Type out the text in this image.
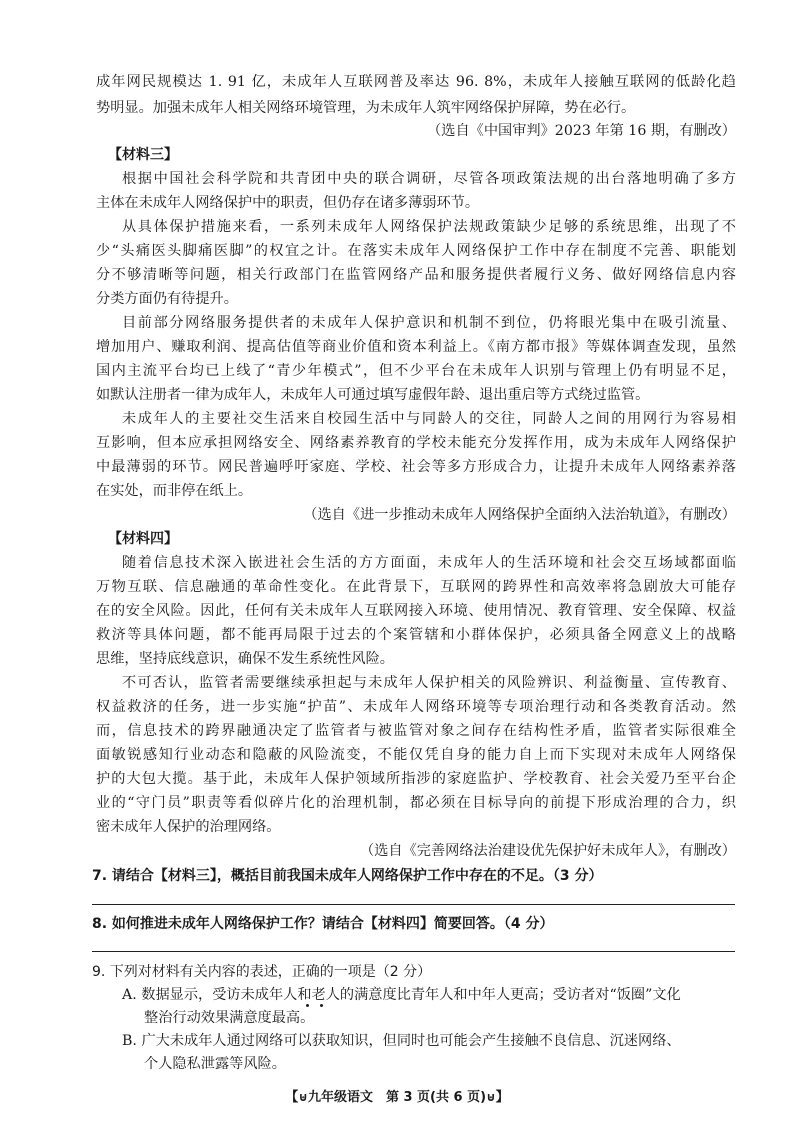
成年网民规模达 1. 91 亿，未成年人互联网普及率达 96. 8%，未成年人接触互联网的低龄化趋
势明显。加强未成年人相关网络环境管理，为未成年人筑牢网络保护屏障，势在必行。
（选自《中国审判》2023 年第 16 期，有删改）
【材料三】
根据中国社会科学院和共青团中央的联合调研，尽管各项政策法规的出台落地明确了多方
主体在未成年人网络保护中的职责，但仍存在诸多薄弱环节。
从具体保护措施来看，一系列未成年人网络保护法规政策缺少足够的系统思维，出现了不
少“头痛医头脚痛医脚”的权宜之计。在落实未成年人网络保护工作中存在制度不完善、职能划
分不够清晰等问题，相关行政部门在监管网络产品和服务提供者履行义务、做好网络信息内容
分类方面仍有待提升。
目前部分网络服务提供者的未成年人保护意识和机制不到位，仍将眼光集中在吸引流量、
增加用户、赚取利润、提高估值等商业价值和资本利益上。《南方都市报》等媒体调查发现，虽然
国内主流平台均已上线了“青少年模式”，但不少平台在未成年人识别与管理上仍有明显不足，
如默认注册者一律为成年人，未成年人可通过填写虚假年龄、退出重启等方式绕过监管。
未成年人的主要社交生活来自校园生活中与同龄人的交往，同龄人之间的用网行为容易相
互影响，但本应承担网络安全、网络素养教育的学校未能充分发挥作用，成为未成年人网络保护
中最薄弱的环节。网民普遍呼吁家庭、学校、社会等多方形成合力，让提升未成年人网络素养落
在实处，而非停在纸上。
（选自《进一步推动未成年人网络保护全面纳入法治轨道》，有删改）
【材料四】
随着信息技术深入嵌进社会生活的方方面面，未成年人的生活环境和社会交互场域都面临
万物互联、信息融通的革命性变化。在此背景下，互联网的跨界性和高效率将急剧放大可能存
在的安全风险。因此，任何有关未成年人互联网接入环境、使用情况、教育管理、安全保障、权益
救济等具体问题，都不能再局限于过去的个案管辖和小群体保护，必须具备全网意义上的战略
思维，坚持底线意识，确保不发生系统性风险。
不可否认，监管者需要继续承担起与未成年人保护相关的风险辨识、利益衡量、宣传教育、
权益救济的任务，进一步实施“护苗”、未成年人网络环境等专项治理行动和各类教育活动。然
而，信息技术的跨界融通决定了监管者与被监管对象之间存在结构性矛盾，监管者实际很难全
面敏锐感知行业动态和隐蔽的风险流变，不能仅凭自身的能力自上而下实现对未成年人网络保
护的大包大揽。基于此，未成年人保护领域所指涉的家庭监护、学校教育、社会关爱乃至平台企
业的“守门员”职责等看似碎片化的治理机制，都必须在目标导向的前提下形成治理的合力，织
密未成年人保护的治理网络。
（选自《完善网络法治建设优先保护好未成年人》，有删改）
7. 请结合【材料三】，概括目前我国未成年人网络保护工作中存在的不足。（3 分）
8. 如何推进未成年人网络保护工作？请结合【材料四】简要回答。（4 分）
9. 下列对材料有关内容的表述，正确的一项是（2 分）
A. 数据显示，受访未成年人和老人的满意度比青年人和中年人更高；受访者对“饭圈”文化
整治行动效果满意度最高。
B. 广大未成年人通过网络可以获取知识，但同时也可能会产生接触不良信息、沉迷网络、
个人隐私泄露等风险。
【⊎九年级语文　第 3 页(共 6 页)⊎】
